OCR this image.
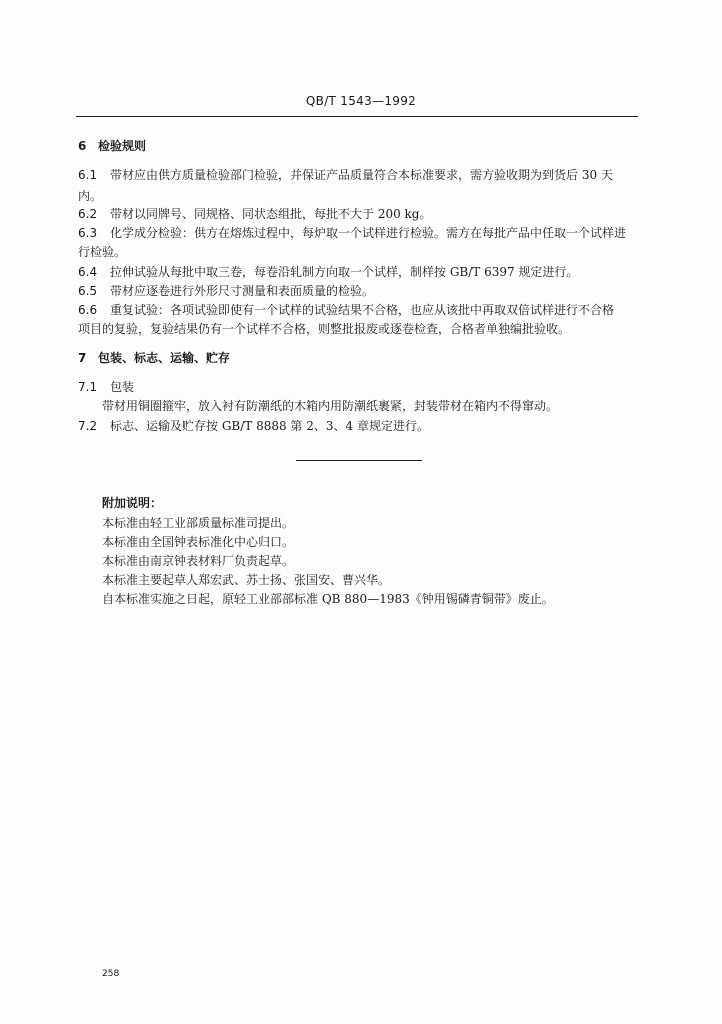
QB/T 1543—1992
6 检验规则
6.1 带材应由供方质量检验部门检验，并保证产品质量符合本标准要求，需方验收期为到货后 30 天
内。
6.2 带材以同牌号、同规格、同状态组批，每批不大于 200 kg。
6.3 化学成分检验：供方在熔炼过程中，每炉取一个试样进行检验。需方在每批产品中任取一个试样进
行检验。
6.4 拉伸试验从每批中取三卷，每卷沿轧制方向取一个试样，制样按 GB/T 6397 规定进行。
6.5 带材应逐卷进行外形尺寸测量和表面质量的检验。
6.6 重复试验：各项试验即使有一个试样的试验结果不合格，也应从该批中再取双倍试样进行不合格
项目的复验，复验结果仍有一个试样不合格，则整批报废或逐卷检查，合格者单独编批验收。
7 包装、标志、运输、贮存
7.1 包装
带材用铜圈箍牢，放入衬有防潮纸的木箱内用防潮纸裹紧，封装带材在箱内不得窜动。
7.2 标志、运输及贮存按 GB/T 8888 第 2、3、4 章规定进行。
附加说明：
本标准由轻工业部质量标准司提出。
本标准由全国钟表标准化中心归口。
本标准由南京钟表材料厂负责起草。
本标准主要起草人郑宏武、苏士扬、张国安、曹兴华。
自本标准实施之日起，原轻工业部部标准 QB 880—1983《钟用锡磷青铜带》废止。
258
